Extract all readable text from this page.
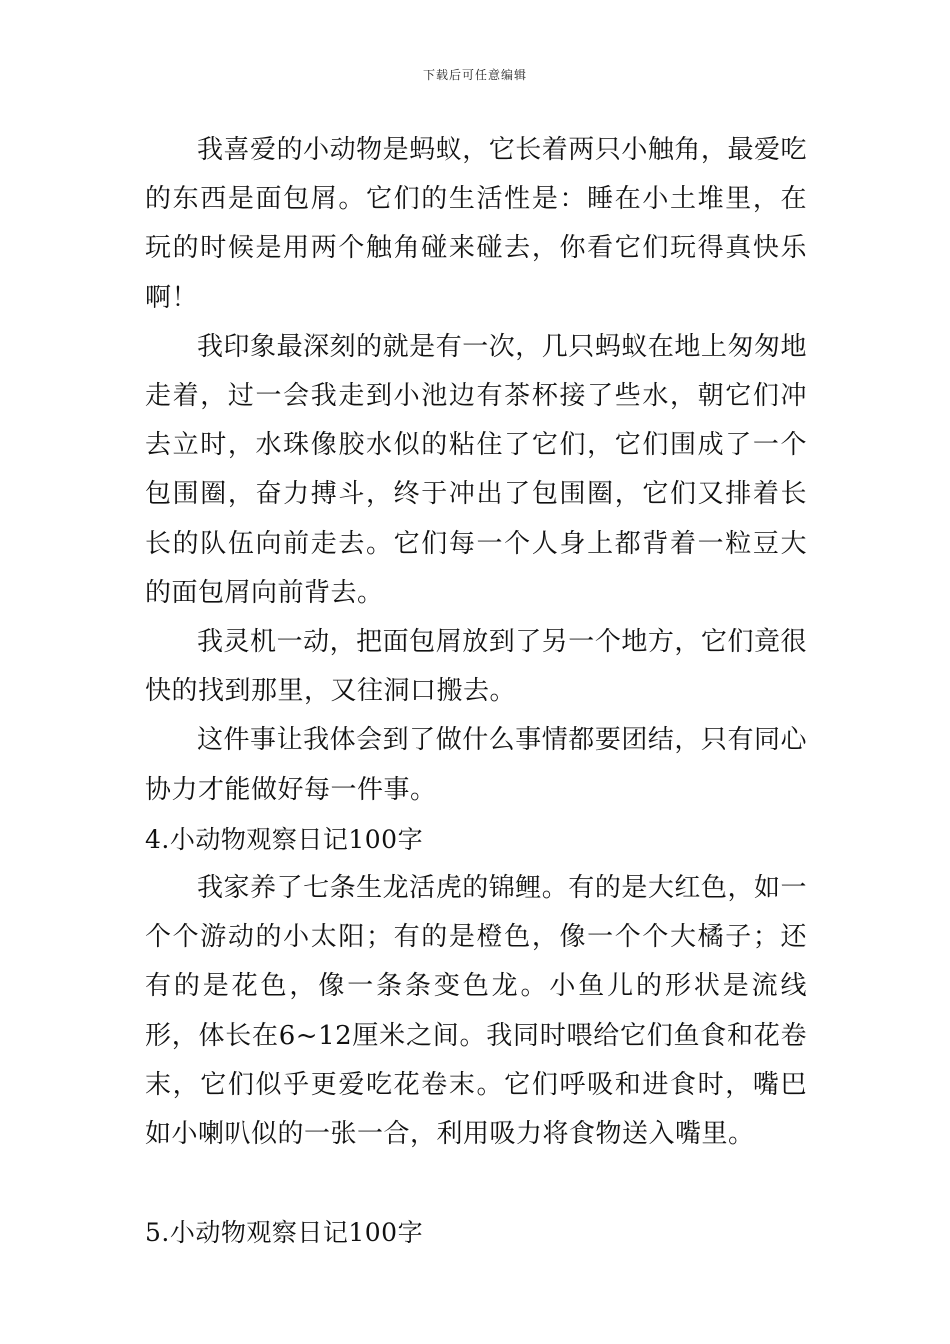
下载后可任意编辑

我喜爱的小动物是蚂蚁，它长着两只小触角，最爱吃的东西是面包屑。它们的生活性是：睡在小土堆里，在玩的时候是用两个触角碰来碰去，你看它们玩得真快乐啊！

我印象最深刻的就是有一次，几只蚂蚁在地上匆匆地走着，过一会我走到小池边有茶杯接了些水，朝它们冲去立时，水珠像胶水似的粘住了它们，它们围成了一个包围圈，奋力搏斗，终于冲出了包围圈，它们又排着长长的队伍向前走去。它们每一个人身上都背着一粒豆大的面包屑向前背去。

我灵机一动，把面包屑放到了另一个地方，它们竟很快的找到那里，又往洞口搬去。

这件事让我体会到了做什么事情都要团结，只有同心协力才能做好每一件事。

4.小动物观察日记100字

我家养了七条生龙活虎的锦鲤。有的是大红色，如一个个游动的小太阳；有的是橙色，像一个个大橘子；还有的是花色，像一条条变色龙。小鱼儿的形状是流线形，体长在6~12厘米之间。我同时喂给它们鱼食和花卷末，它们似乎更爱吃花卷末。它们呼吸和进食时，嘴巴如小喇叭似的一张一合，利用吸力将食物送入嘴里。

5.小动物观察日记100字
